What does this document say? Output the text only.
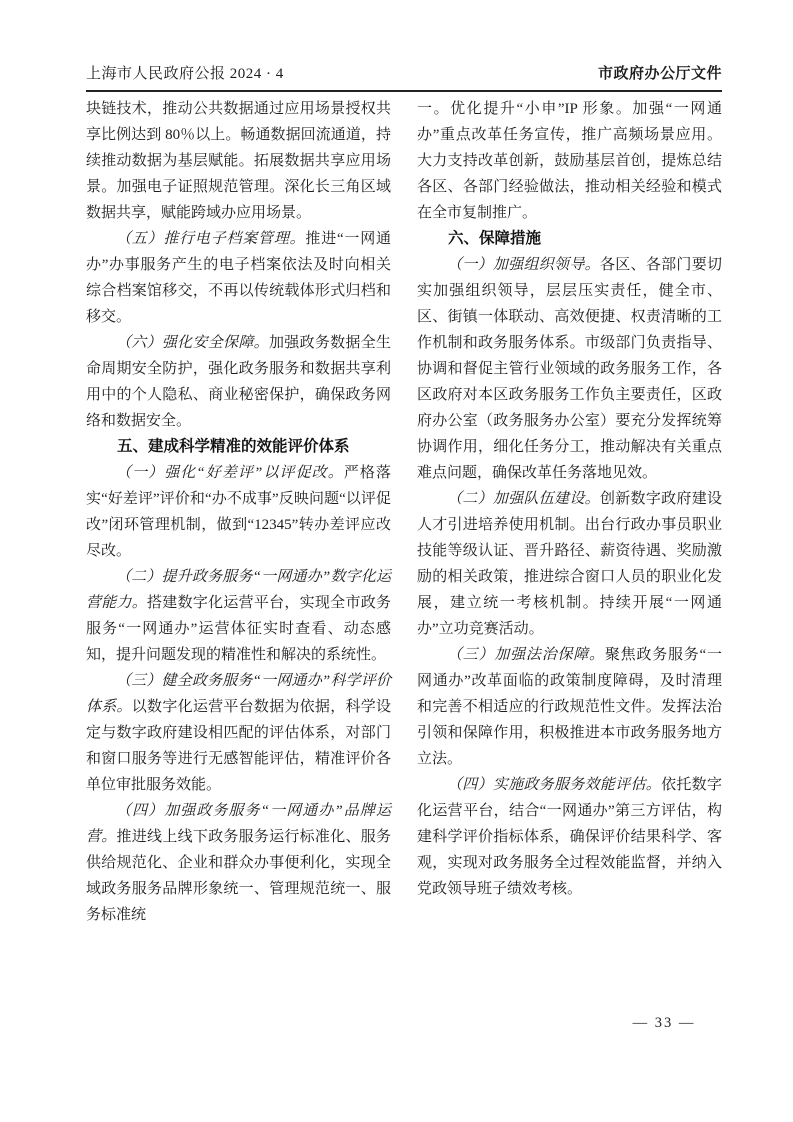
上海市人民政府公报 2024 · 4	市政府办公厅文件

块链技术，推动公共数据通过应用场景授权共享比例达到 80％以上。畅通数据回流通道，持续推动数据为基层赋能。拓展数据共享应用场景。加强电子证照规范管理。深化长三角区域数据共享，赋能跨域办应用场景。

（五）推行电子档案管理。推进“一网通办”办事服务产生的电子档案依法及时向相关综合档案馆移交，不再以传统载体形式归档和移交。

（六）强化安全保障。加强政务数据全生命周期安全防护，强化政务服务和数据共享利用中的个人隐私、商业秘密保护，确保政务网络和数据安全。

五、建成科学精准的效能评价体系

（一）强化“好差评”以评促改。严格落实“好差评”评价和“办不成事”反映问题“以评促改”闭环管理机制，做到“12345”转办差评应改尽改。

（二）提升政务服务“一网通办”数字化运营能力。搭建数字化运营平台，实现全市政务服务“一网通办”运营体征实时查看、动态感知，提升问题发现的精准性和解决的系统性。

（三）健全政务服务“一网通办”科学评价体系。以数字化运营平台数据为依据，科学设定与数字政府建设相匹配的评估体系，对部门和窗口服务等进行无感智能评估，精准评价各单位审批服务效能。

（四）加强政务服务“一网通办”品牌运营。推进线上线下政务服务运行标准化、服务供给规范化、企业和群众办事便利化，实现全域政务服务品牌形象统一、管理规范统一、服务标准统

一。优化提升“小申”IP 形象。加强“一网通办”重点改革任务宣传，推广高频场景应用。大力支持改革创新，鼓励基层首创，提炼总结各区、各部门经验做法，推动相关经验和模式在全市复制推广。

六、保障措施

（一）加强组织领导。各区、各部门要切实加强组织领导，层层压实责任，健全市、区、街镇一体联动、高效便捷、权责清晰的工作机制和政务服务体系。市级部门负责指导、协调和督促主管行业领域的政务服务工作，各区政府对本区政务服务工作负主要责任，区政府办公室（政务服务办公室）要充分发挥统筹协调作用，细化任务分工，推动解决有关重点难点问题，确保改革任务落地见效。

（二）加强队伍建设。创新数字政府建设人才引进培养使用机制。出台行政办事员职业技能等级认证、晋升路径、薪资待遇、奖励激励的相关政策，推进综合窗口人员的职业化发展，建立统一考核机制。持续开展“一网通办”立功竞赛活动。

（三）加强法治保障。聚焦政务服务“一网通办”改革面临的政策制度障碍，及时清理和完善不相适应的行政规范性文件。发挥法治引领和保障作用，积极推进本市政务服务地方立法。

（四）实施政务服务效能评估。依托数字化运营平台，结合“一网通办”第三方评估，构建科学评价指标体系，确保评价结果科学、客观，实现对政务服务全过程效能监督，并纳入党政领导班子绩效考核。

— 33 —
